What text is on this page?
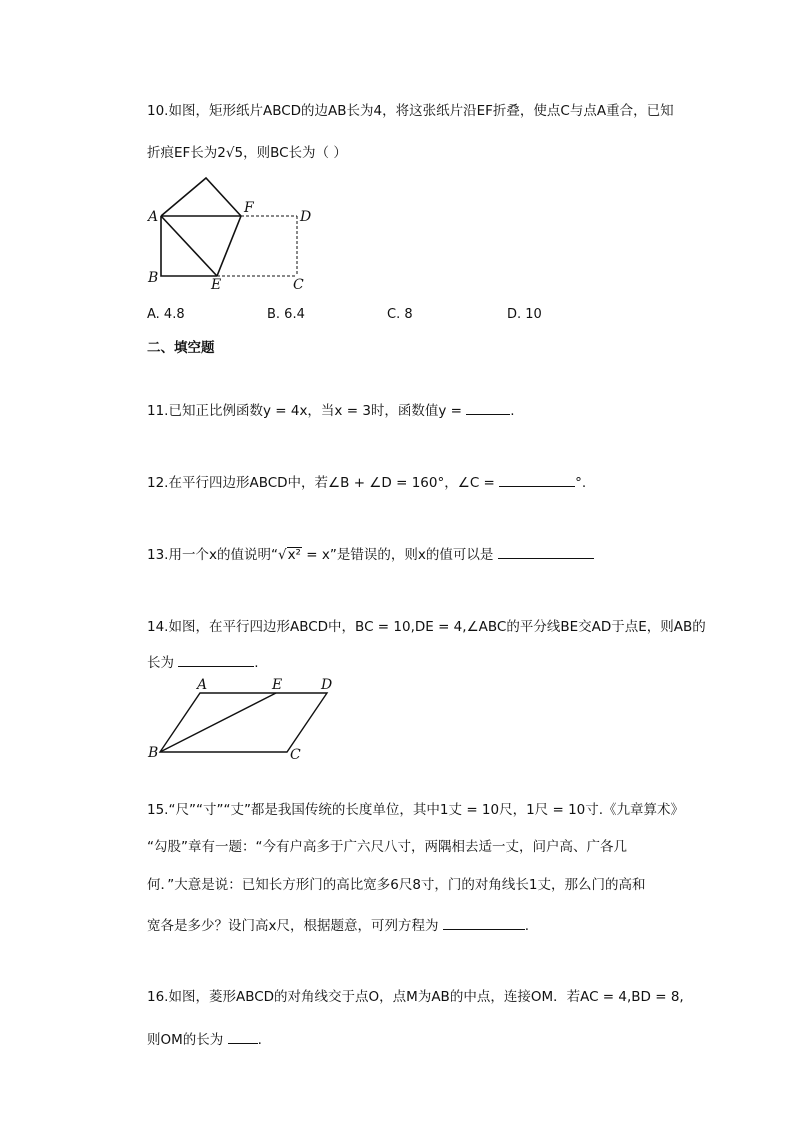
10.如图，矩形纸片ABCD的边AB长为4，将这张纸片沿EF折叠，使点C与点A重合，已知
折痕EF长为2√5，则BC长为（ ）
A
B	E
F
D
C
A. 4.8	B. 6.4	C. 8	D. 10
二、填空题
11.已知正比例函数y = 4x，当x = 3时，函数值y =	.
12.在平行四边形ABCD中，若∠B + ∠D = 160°，∠C =	°.
13.用一个x的值说明“√x² = x”是错误的，则x的值可以是
14.如图，在平行四边形ABCD中，BC = 10,DE = 4,∠ABC的平分线BE交AD于点E，则AB的
长为	.
A	E	D
B	C
15.“尺”“寸”“丈”都是我国传统的长度单位，其中1丈 = 10尺，1尺 = 10寸.《九章算术》
“勾股”章有一题：“今有户高多于广六尺八寸，两隅相去适一丈，问户高、广各几
何．”大意是说：已知长方形门的高比宽多6尺8寸，门的对角线长1丈，那么门的高和
宽各是多少？设门高x尺，根据题意，可列方程为	.
16.如图，菱形ABCD的对角线交于点O，点M为AB的中点，连接OM．若AC = 4,BD = 8,
则OM的长为	.
